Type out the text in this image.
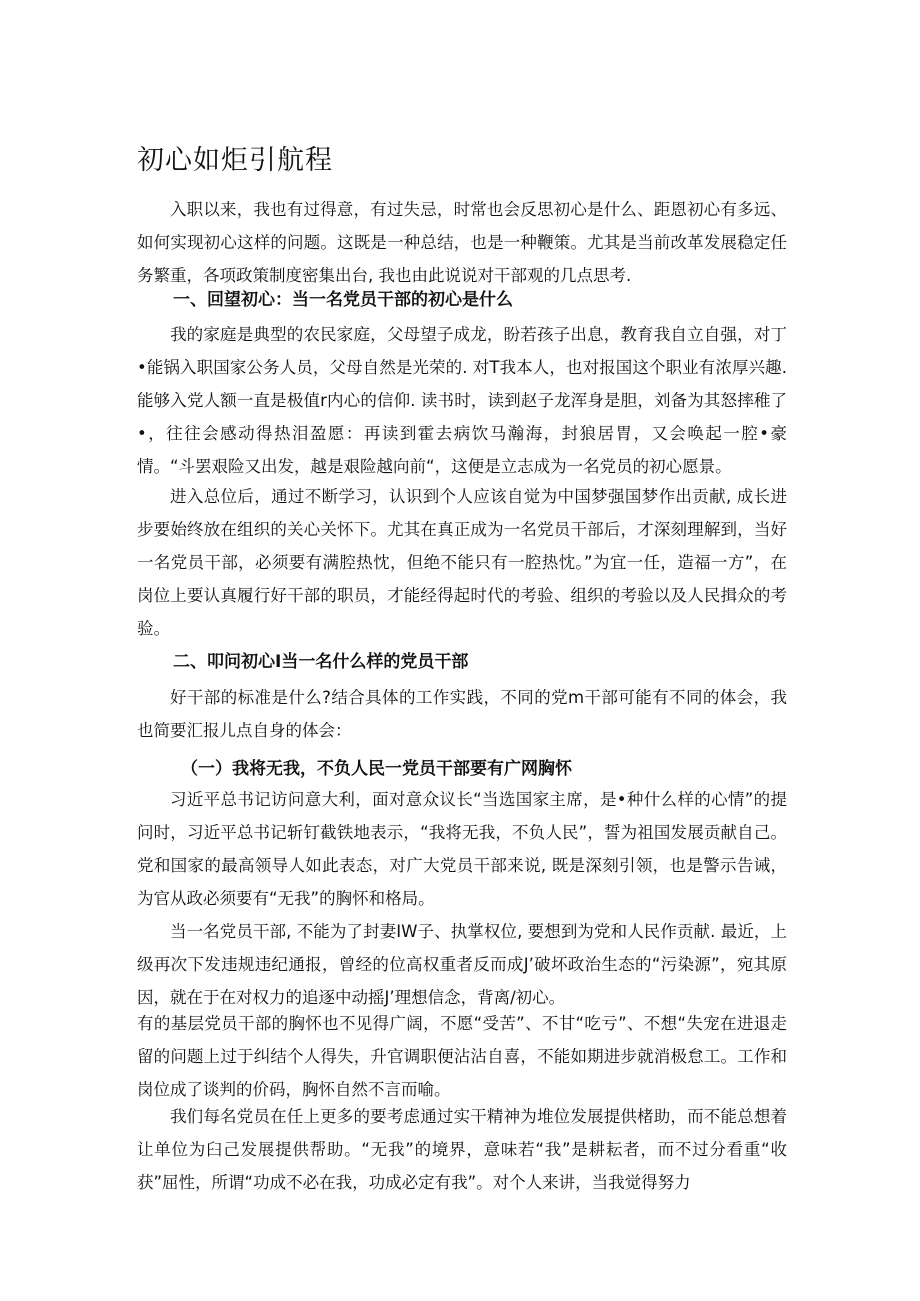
初心如炬引航程

入职以来，我也有过得意，有过失忌，时常也会反思初心是什么、距恩初心有多远、如何实现初心这样的问题。这既是一种总结，也是一种鞭策。尤其是当前改革发展稳定任务繁重，各项政策制度密集出台, 我也由此说说对干部观的几点思考.

一、回望初心：当一名党员干部的初心是什么

我的家庭是典型的农民家庭，父母望子成龙，盼若孩子出息，教育我自立自强，对丁•能锅入职国家公务人员，父母自然是光荣的. 对T我本人，也对报国这个职业有浓厚兴趣. 能够入党人额一直是极值r内心的信仰. 读书时，读到赵子龙浑身是胆，刘备为其怒摔稚了•，往往会感动得热泪盈愿：再读到霍去病饮马瀚海，封狼居胃，又会唤起一腔•豪情。“斗罢艰险又出发，越是艰险越向前“，这便是立志成为一名党员的初心愿景。

进入总位后，通过不断学习，认识到个人应该自觉为中国梦强国梦作出贡献, 成长进步要始终放在组织的关心关怀下。尤其在真正成为一名党员干部后，才深刻理解到，当好一名党员干部，必须要有满腔热忱，但绝不能只有一腔热忱。”为宜一任，造福一方”，在岗位上要认真履行好干部的职员，才能经得起时代的考验、组织的考验以及人民揖众的考验。

二、叩问初心I当一名什么样的党员干部

好干部的标准是什么?结合具体的工作实践，不同的党m干部可能有不同的体会，我也简要汇报儿点自身的体会：

（一）我将无我，不负人民一党员干部要有广网胸怀

习近平总书记访问意大利，面对意众议长“当选国家主席，是•种什么样的心情”的提问时，习近平总书记斩钉截铁地表示，“我将无我，不负人民”，誓为祖国发展贡献自己。党和国家的最高领导人如此表态，对广大党员干部来说, 既是深刻引领，也是警示告诫，为官从政必须要有“无我”的胸怀和格局。

当一名党员干部, 不能为了封妻IW子、执掌权位, 要想到为党和人民作贡献. 最近，上级再次下发违规违纪通报，曾经的位高权重者反而成J’破坏政治生态的“污染源”，宛其原因，就在于在对权力的追逐中动摇J’理想信念，背离/初心。

有的基层党员干部的胸怀也不见得广阔，不愿“受苦”、不甘“吃亏”、不想“失宠在进退走留的问题上过于纠结个人得失，升官调职便沾沾自喜，不能如期进步就消极怠工。工作和岗位成了谈判的价码，胸怀自然不言而喻。

我们每名党员在任上更多的要考虑通过实干精神为堆位发展提供楮助，而不能总想着让单位为臼己发展提供帮助。“无我”的境界，意味若“我”是耕耘者，而不过分看重“收获”屈性，所谓“功成不必在我，功成必定有我”。对个人来讲，当我觉得努力
